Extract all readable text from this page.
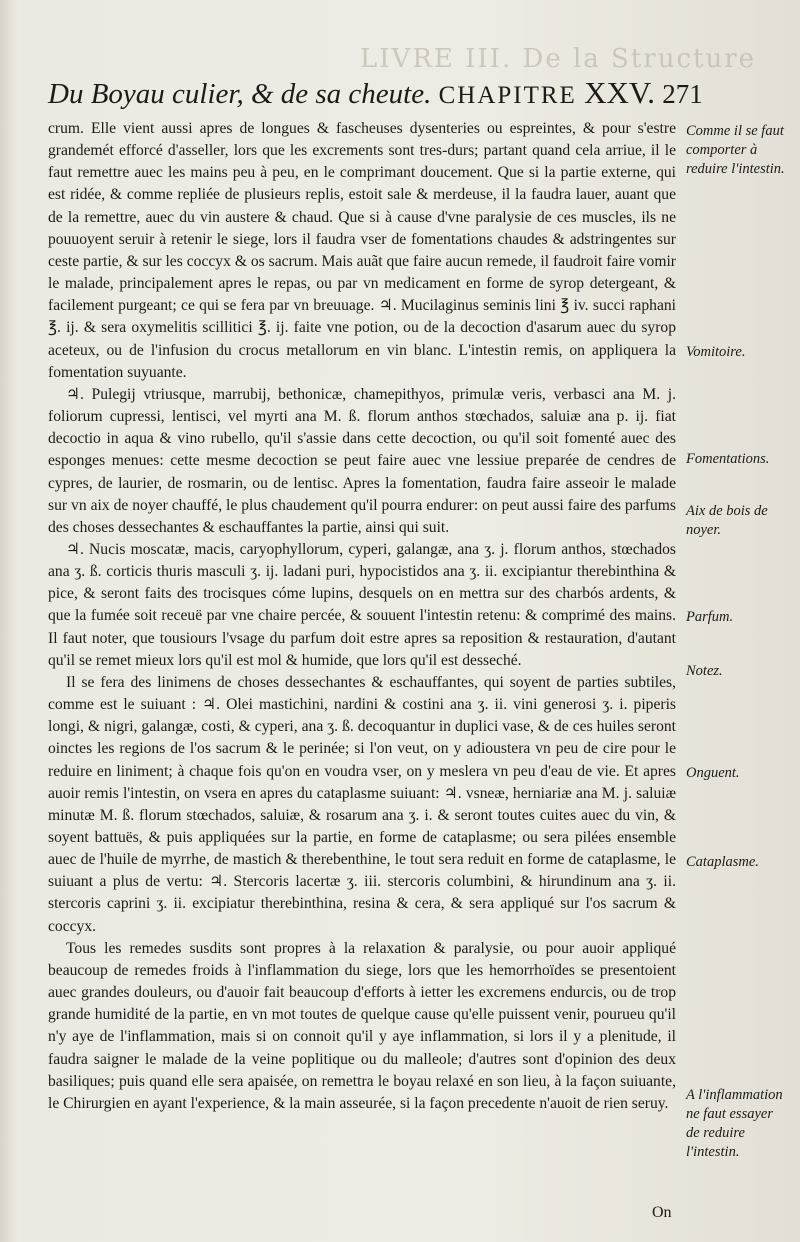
LIVRE III. De la Structure
Du Boyau culier, & de sa cheute. CHAPITRE XXV. 271

crum. Elle vient aussi apres de longues & fascheuses dysenteries ou espreintes, & pour s'estre grandemét efforcé d'asseller, lors que les excrements sont tres-durs; partant quand cela arriue, il le faut remettre auec les mains peu à peu, en le comprimant doucement. Que si la partie externe, qui est ridée, & comme repliée de plusieurs replis, estoit sale & merdeuse, il la faudra lauer, auant que de la remettre, auec du vin austere & chaud. Que si à cause d'vne paralysie de ces muscles, ils ne pouuoyent seruir à retenir le siege, lors il faudra vser de fomentations chaudes & adstringentes sur ceste partie, & sur les coccyx & os sacrum. Mais auãt que faire aucun remede, il faudroit faire vomir le malade, principalement apres le repas, ou par vn medicament en forme de syrop detergeant, & facilement purgeant; ce qui se fera par vn breuuage. ♃. Mucilaginus seminis lini ℥ iv. succi raphani ℥. ij. & sera oxymelitis scillitici ℥. ij. faite vne potion, ou de la decoction d'asarum auec du syrop aceteux, ou de l'infusion du crocus metallorum en vin blanc. L'intestin remis, on appliquera la fomentation suyuante.

♃. Pulegij vtriusque, marrubij, bethonicæ, chamepithyos, primulæ veris, verbasci ana M. j. foliorum cupressi, lentisci, vel myrti ana M. ß. florum anthos stœchados, saluiæ ana p. ij. fiat decoctio in aqua & vino rubello, qu'il s'assie dans cette decoction, ou qu'il soit fomenté auec des esponges menues: cette mesme decoction se peut faire auec vne lessiue preparée de cendres de cypres, de laurier, de rosmarin, ou de lentisc. Apres la fomentation, faudra faire asseoir le malade sur vn aix de noyer chauffé, le plus chaudement qu'il pourra endurer: on peut aussi faire des parfums des choses dessechantes & eschauffantes la partie, ainsi qui suit.

♃. Nucis moscatæ, macis, caryophyllorum, cyperi, galangæ, ana ʒ. j. florum anthos, stœchados ana ʒ. ß. corticis thuris masculi ʒ. ij. ladani puri, hypocistidos ana ʒ. ii. excipiantur therebinthina & pice, & seront faits des trocisques cóme lupins, desquels on en mettra sur des charbós ardents, & que la fumée soit receuë par vne chaire percée, & souuent l'intestin retenu: & comprimé des mains. Il faut noter, que tousiours l'vsage du parfum doit estre apres sa reposition & restauration, d'autant qu'il se remet mieux lors qu'il est mol & humide, que lors qu'il est desseché.

Il se fera des linimens de choses dessechantes & eschauffantes, qui soyent de parties subtiles, comme est le suiuant : ♃. Olei mastichini, nardini & costini ana ʒ. ii. vini generosi ʒ. i. piperis longi, & nigri, galangæ, costi, & cyperi, ana ʒ. ß. decoquantur in duplici vase, & de ces huiles seront oinctes les regions de l'os sacrum & le perinée; si l'on veut, on y adioustera vn peu de cire pour le reduire en liniment; à chaque fois qu'on en voudra vser, on y meslera vn peu d'eau de vie. Et apres auoir remis l'intestin, on vsera en apres du cataplasme suiuant: ♃. vsneæ, herniariæ ana M. j. saluiæ minutæ M. ß. florum stœchados, saluiæ, & rosarum ana ʒ. i. & seront toutes cuites auec du vin, & soyent battuës, & puis appliquées sur la partie, en forme de cataplasme; ou sera pilées ensemble auec de l'huile de myrrhe, de mastich & therebenthine, le tout sera reduit en forme de cataplasme, le suiuant a plus de vertu: ♃. Stercoris lacertæ ʒ. iii. stercoris columbini, & hirundinum ana ʒ. ii. stercoris caprini ʒ. ii. excipiatur therebinthina, resina & cera, & sera appliqué sur l'os sacrum & coccyx.

Tous les remedes susdits sont propres à la relaxation & paralysie, ou pour auoir appliqué beaucoup de remedes froids à l'inflammation du siege, lors que les hemorrhoïdes se presentoient auec grandes douleurs, ou d'auoir fait beaucoup d'efforts à ietter les excremens endurcis, ou de trop grande humidité de la partie, en vn mot toutes de quelque cause qu'elle puissent venir, pourueu qu'il n'y aye de l'inflammation, mais si on connoit qu'il y aye inflammation, si lors il y a plenitude, il faudra saigner le malade de la veine poplitique ou du malleole; d'autres sont d'opinion des deux basiliques; puis quand elle sera apaisée, on remettra le boyau relaxé en son lieu, à la façon suiuante, le Chirurgien en ayant l'experience, & la main asseurée, si la façon precedente n'auoit de rien seruy.

Comme il se faut comporter à reduire l'intestin.
Vomitoire.
Fomentations.
Aix de bois de noyer.
Parfum.
Notez.
Onguent.
Cataplasme.
A l'inflammation ne faut essayer de reduire l'intestin.
On
